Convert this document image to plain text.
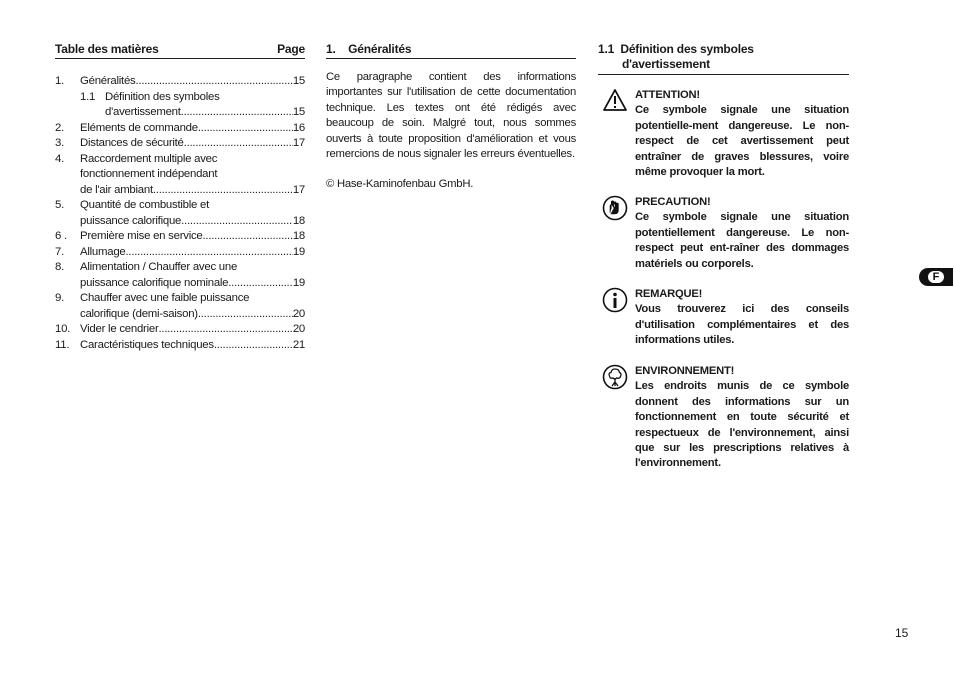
Table des matières	Page
1.	Généralités .....	15
1.1 Définition des symboles
d'avertissement .....	15
2.	Eléments de commande .....	16
3.	Distances de sécurité .....	17
4.	Raccordement multiple avec
fonctionnement indépendant
de l'air ambiant .....	17
5.	Quantité de combustible et
puissance calorifique .....	18
6 .	Première mise en service .....	18
7.	Allumage .....	19
8.	Alimentation / Chauffer avec une
puissance calorifique nominale .....	19
9.	Chauffer avec une faible puissance
calorifique (demi-saison) .....	20
10. Vider le cendrier .....	20
11. Caractéristiques techniques .....	21
1.    Généralités
Ce paragraphe contient des informations importantes sur l'utilisation de cette documentation technique. Les textes ont été rédigés avec beaucoup de soin. Malgré tout, nous sommes ouverts à toute proposition d'amélioration et vous remercions de nous signaler les erreurs éventuelles.
© Hase-Kaminofenbau GmbH.
1.1  Définition des symboles
d'avertissement
ATTENTION!
Ce symbole signale une situation potentielle-ment dangereuse. Le non-respect de cet avertissement peut entraîner de graves blessures, voire même provoquer la mort.
PRECAUTION!
Ce symbole signale une situation potentiellement dangereuse. Le non-respect peut ent-raîner des dommages matériels ou corporels.
REMARQUE!
Vous trouverez ici des conseils d'utilisation complémentaires et des informations utiles.
ENVIRONNEMENT!
Les endroits munis de ce symbole donnent des informations sur un fonctionnement en toute sécurité et respectueux de l'environnement, ainsi que sur les prescriptions relatives à l'environnement.
F
15
